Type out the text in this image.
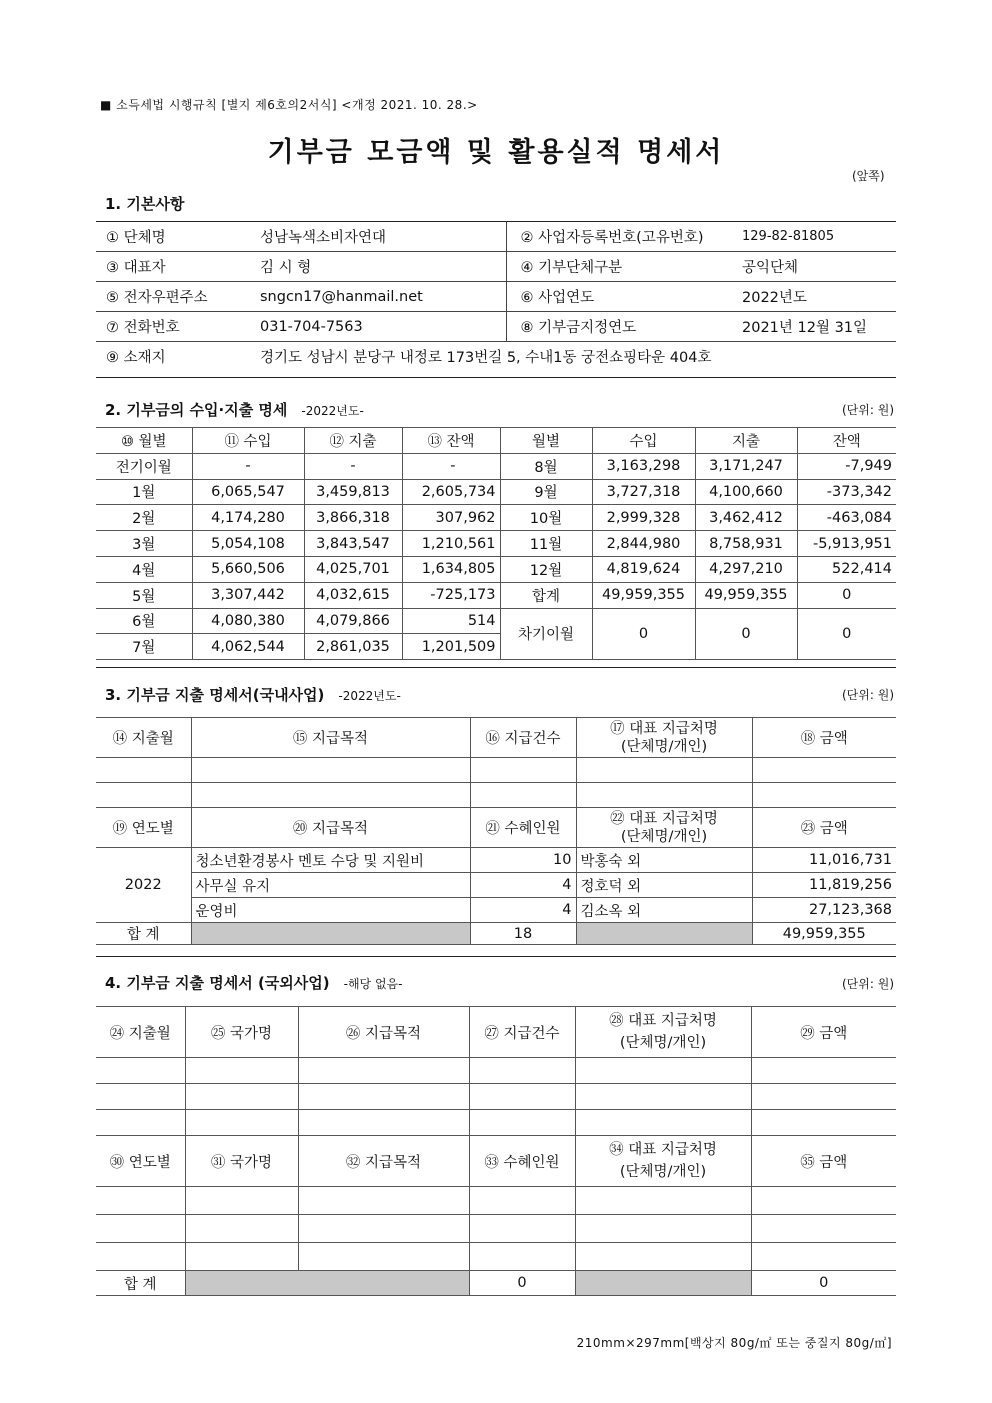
■ 소득세법 시행규칙 [별지 제6호의2서식] <개정 2021. 10. 28.>
기부금 모금액 및 활용실적 명세서
(앞쪽)
1. 기본사항
① 단체명	성남녹색소비자연대	② 사업자등록번호(고유번호)	129-82-81805
③ 대표자	김 시 형	④ 기부단체구분	공익단체
⑤ 전자우편주소	sngcn17@hanmail.net	⑥ 사업연도	2022년도
⑦ 전화번호	031-704-7563	⑧ 기부금지정연도	2021년 12월 31일
⑨ 소재지	경기도 성남시 분당구 내정로 173번길 5, 수내1동 궁전쇼핑타운 404호		
2. 기부금의 수입·지출 명세 -2022년도-	(단위: 원)
⑩ 월별	⑪ 수입	⑫ 지출	⑬ 잔액	월별	수입	지출	잔액
전기이월	-	-	-	8월	3,163,298	3,171,247	-7,949
1월	6,065,547	3,459,813	2,605,734	9월	3,727,318	4,100,660	-373,342
2월	4,174,280	3,866,318	307,962	10월	2,999,328	3,462,412	-463,084
3월	5,054,108	3,843,547	1,210,561	11월	2,844,980	8,758,931	-5,913,951
4월	5,660,506	4,025,701	1,634,805	12월	4,819,624	4,297,210	522,414
5월	3,307,442	4,032,615	-725,173	합계	49,959,355	49,959,355	0
6월	4,080,380	4,079,866	514	차기이월	0	0	0
7월	4,062,544	2,861,035	1,201,509				
3. 기부금 지출 명세서(국내사업) -2022년도-	(단위: 원)
⑭ 지출월	⑮ 지급목적	⑯ 지급건수	⑰ 대표 지급처명
(단체명/개인)	⑱ 금액

⑲ 연도별	⑳ 지급목적	㉑ 수혜인원	㉒ 대표 지급처명
(단체명/개인)	㉓ 금액
2022	청소년환경봉사 멘토 수당 및 지원비	10	박홍숙 외	11,016,731
	사무실 유지	4	정호덕 외	11,819,256
	운영비	4	김소옥 외	27,123,368
합 계		18		49,959,355
4. 기부금 지출 명세서 (국외사업) -해당 없음-	(단위: 원)
㉔ 지출월	㉕ 국가명	㉖ 지급목적	㉗ 지급건수	㉘ 대표 지급처명
(단체명/개인)	㉙ 금액

㉚ 연도별	㉛ 국가명	㉜ 지급목적	㉝ 수혜인원	㉞ 대표 지급처명
(단체명/개인)	㉟ 금액

합 계			0		0
210mm×297mm[백상지 80g/㎡ 또는 중질지 80g/㎡]
